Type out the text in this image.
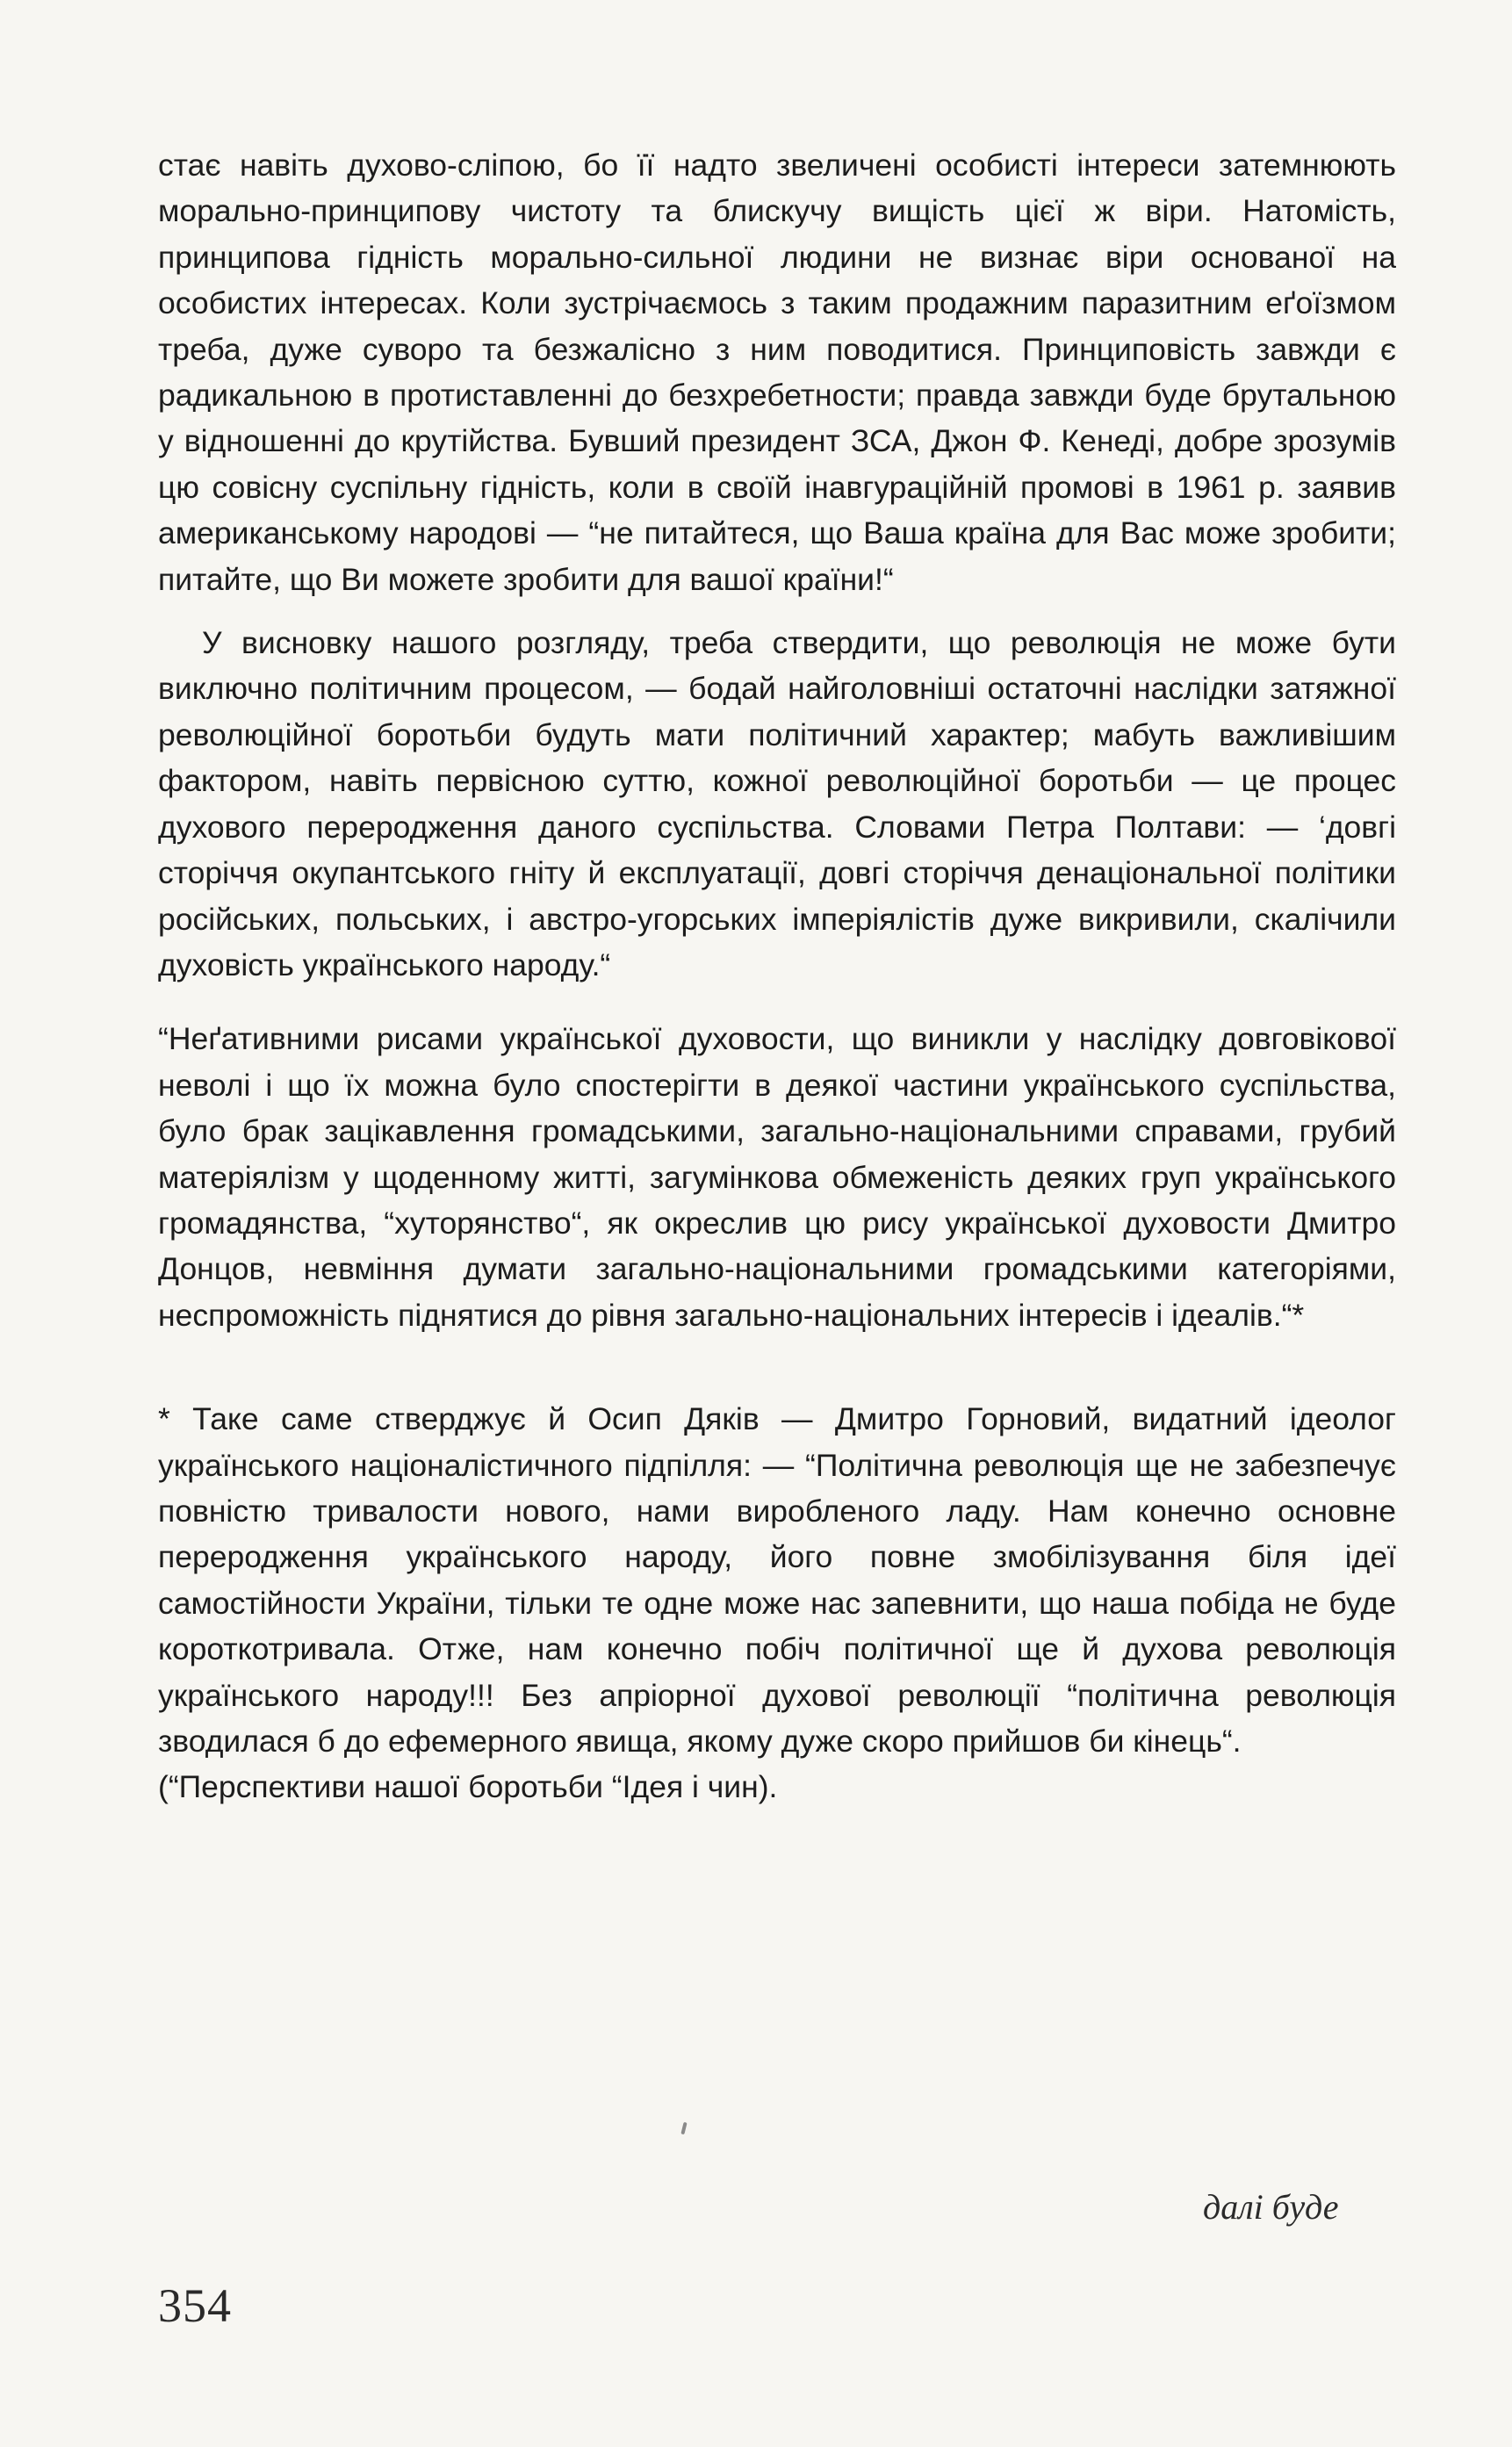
стає навіть духово-сліпою, бо її надто звеличені особисті інтереси затемнюють морально-принципову чистоту та блискучу вищість цієї ж віри. Натомість, принципова гідність морально-сильної людини не визнає віри основаної на особистих інтересах. Коли зустрічаємось з таким продажним паразитним еґоїзмом треба, дуже суворо та безжалісно з ним поводитися. Принциповість завжди є радикальною в протиставленні до безхребетности; правда завжди буде брутальною у відношенні до крутійства. Бувший президент ЗСА, Джон Ф. Кенеді, добре зрозумів цю совісну суспільну гідність, коли в своїй інавгураційній промові в 1961 р. заявив американському народові — “не питайтеся, що Ваша країна для Вас може зробити; питайте, що Ви можете зробити для вашої країни!“

У висновку нашого розгляду, треба ствердити, що революція не може бути виключно політичним процесом, — бодай найголовніші остаточні наслідки затяжної революційної боротьби будуть мати політичний характер; мабуть важливішим фактором, навіть первісною суттю, кожної революційної боротьби — це процес духового переродження даного суспільства. Словами Петра Полтави: — ‘довгі сторіччя окупантського гніту й експлуатації, довгі сторіччя денаціональної політики російських, польських, і австро-угорських імперіялістів дуже викривили, скалічили духовість українського народу.“

“Неґативними рисами української духовости, що виникли у наслідку довговікової неволі і що їх можна було спостерігти в деякої частини українського суспільства, було брак зацікавлення громадськими, загально-національними справами, грубий матеріялізм у щоденному житті, загумінкова обмеженість деяких груп українського громадянства, “хуторянство“, як окреслив цю рису української духовости Дмитро Донцов, невміння думати загально-національними громадськими категоріями, неспроможність піднятися до рівня загально-національних інтересів і ідеалів.“*

* Таке саме стверджує й Осип Дяків — Дмитро Горновий, видатний ідеолог українського націоналістичного підпілля: — “Політична революція ще не забезпечує повністю тривалости нового, нами виробленого ладу. Нам конечно основне переродження українського народу, його повне змобілізування біля ідеї самостійности України, тільки те одне може нас запевнити, що наша побіда не буде короткотривала. Отже, нам конечно побіч політичної ще й духова революція українського народу!!! Без апріорної духової революції “політична революція зводилася б до ефемерного явища, якому дуже скоро прийшов би кінець“.

(“Перспективи нашої боротьби “Ідея і чин).

далі буде
354
